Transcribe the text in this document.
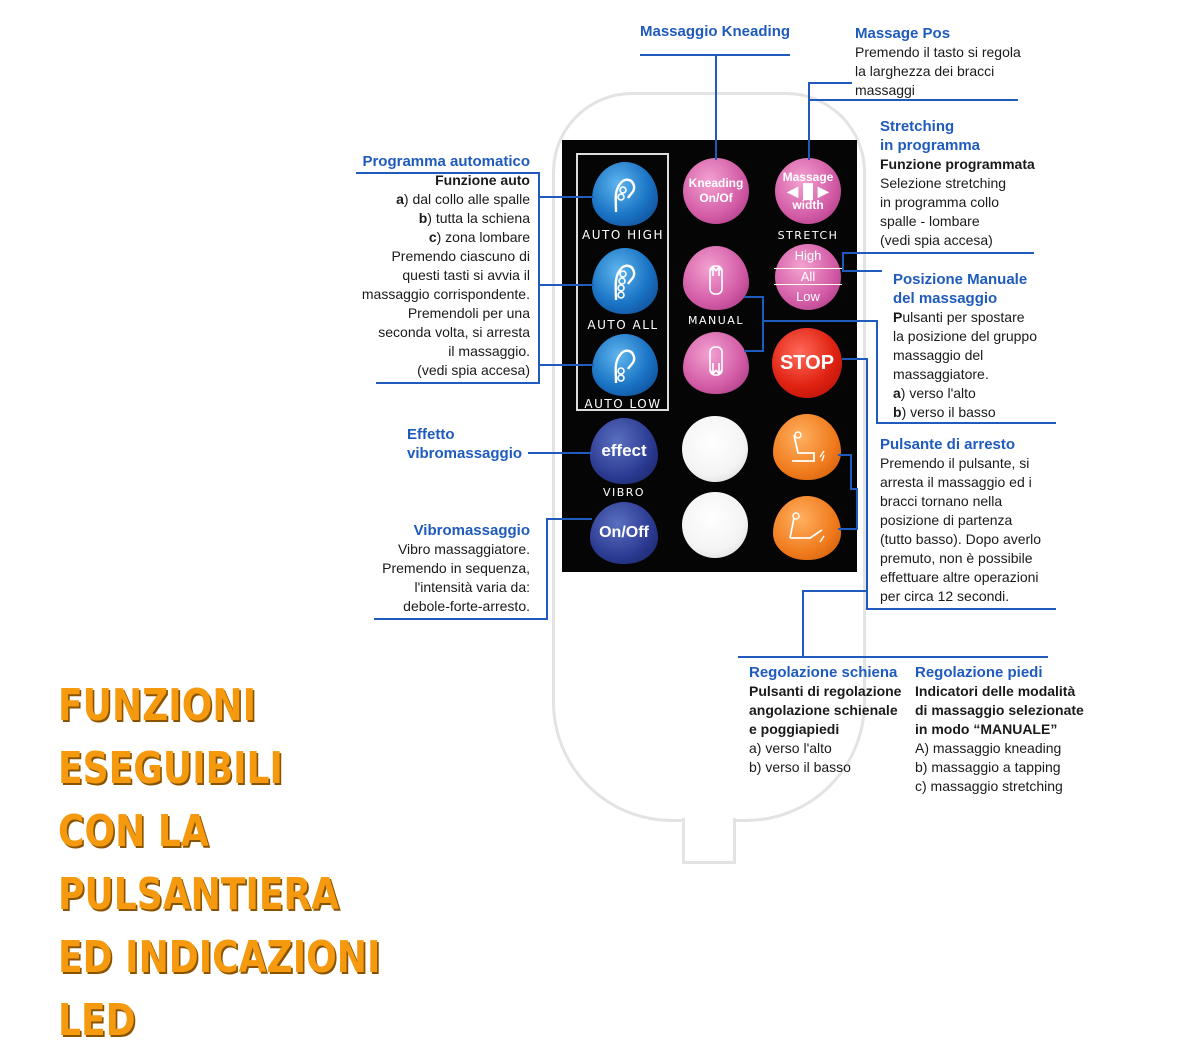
AUTO HIGH
AUTO ALL
AUTO LOW
Kneading
On/Of
Massage
◀▐▌▶
width
STRETCH
High
All
Low
MANUAL
STOP
effect
VIBRO
On/Off
Massaggio Kneading	Massage Pos
Premendo il tasto si regola
la larghezza dei bracci
massaggi
Stretching
in programma
Funzione programmata
Selezione stretching
in programma collo
spalle - lombare
(vedi spia accesa)
Programma automatico
Funzione auto
a) dal collo alle spalle
b) tutta la schiena
c) zona lombare
Premendo ciascuno di
questi tasti si avvia il
massaggio corrispondente.
Premendoli per una
seconda volta, si arresta
il massaggio.
(vedi spia accesa)
Posizione Manuale
del massaggio
Pulsanti per spostare
la posizione del gruppo
massaggio del
massaggiatore.
a) verso l'alto
b) verso il basso
Effetto
vibromassaggio
Pulsante di arresto
Premendo il pulsante, si
arresta il massaggio ed i
bracci tornano nella
posizione di partenza
(tutto basso). Dopo averlo
premuto, non è possibile
effettuare altre operazioni
per circa 12 secondi.
Vibromassaggio
Vibro massaggiatore.
Premendo in sequenza,
l'intensità varia da:
debole-forte-arresto.
Regolazione schiena
Pulsanti di regolazione
angolazione schienale
e poggiapiedi
a) verso l'alto
b) verso il basso
Regolazione piedi
Indicatori delle modalità
di massaggio selezionate
in modo “MANUALE”
A) massaggio kneading
b) massaggio a tapping
c) massaggio stretching
FUNZIONI ESEGUIBILI
CON LA PULSANTIERA
ED INDICAZIONI LED
